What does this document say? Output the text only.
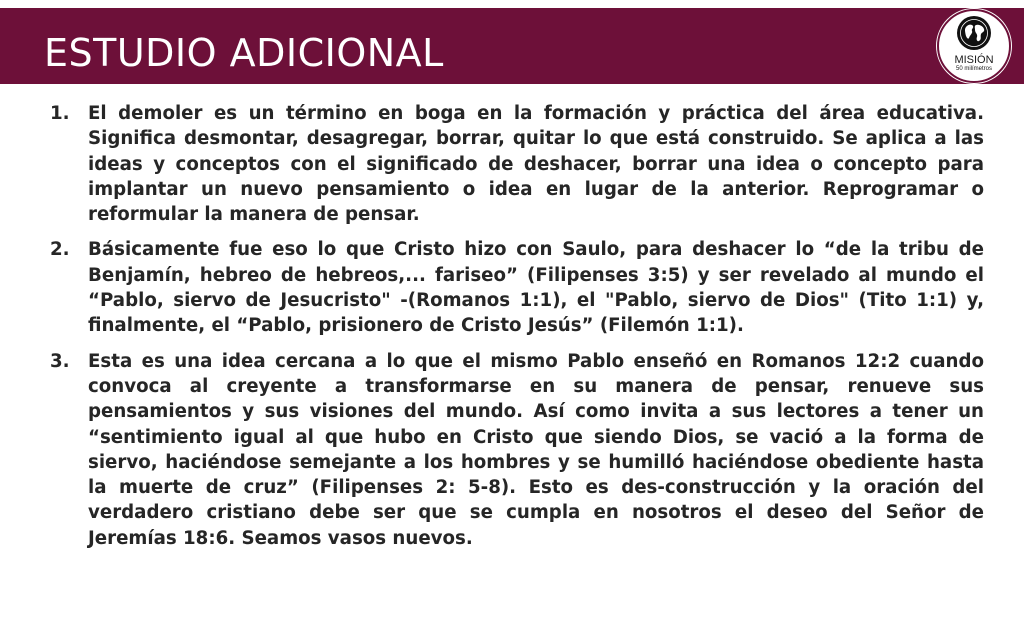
ESTUDIO ADICIONAL	MISIÓN
50 milímetros
1. El demoler es un término en boga en la formación y práctica del área educativa. Significa desmontar, desagregar, borrar, quitar lo que está construido. Se aplica a las ideas y conceptos con el significado de deshacer, borrar una idea o concepto para implantar un nuevo pensamiento o idea en lugar de la anterior. Reprogramar o reformular la manera de pensar.
2. Básicamente fue eso lo que Cristo hizo con Saulo, para deshacer lo “de la tribu de Benjamín, hebreo de hebreos,... fariseo” (Filipenses 3:5) y ser revelado al mundo el “Pablo, siervo de Jesucristo" -(Romanos 1:1), el "Pablo, siervo de Dios" (Tito 1:1) y, finalmente, el “Pablo, prisionero de Cristo Jesús” (Filemón 1:1).
3. Esta es una idea cercana a lo que el mismo Pablo enseñó en Romanos 12:2 cuando convoca al creyente a transformarse en su manera de pensar, renueve sus pensamientos y sus visiones del mundo. Así como invita a sus lectores a tener un “sentimiento igual al que hubo en Cristo que siendo Dios, se vació a la forma de siervo, haciéndose semejante a los hombres y se humilló haciéndose obediente hasta la muerte de cruz” (Filipenses 2: 5-8). Esto es des-construcción y la oración del verdadero cristiano debe ser que se cumpla en nosotros el deseo del Señor de Jeremías 18:6. Seamos vasos nuevos.
